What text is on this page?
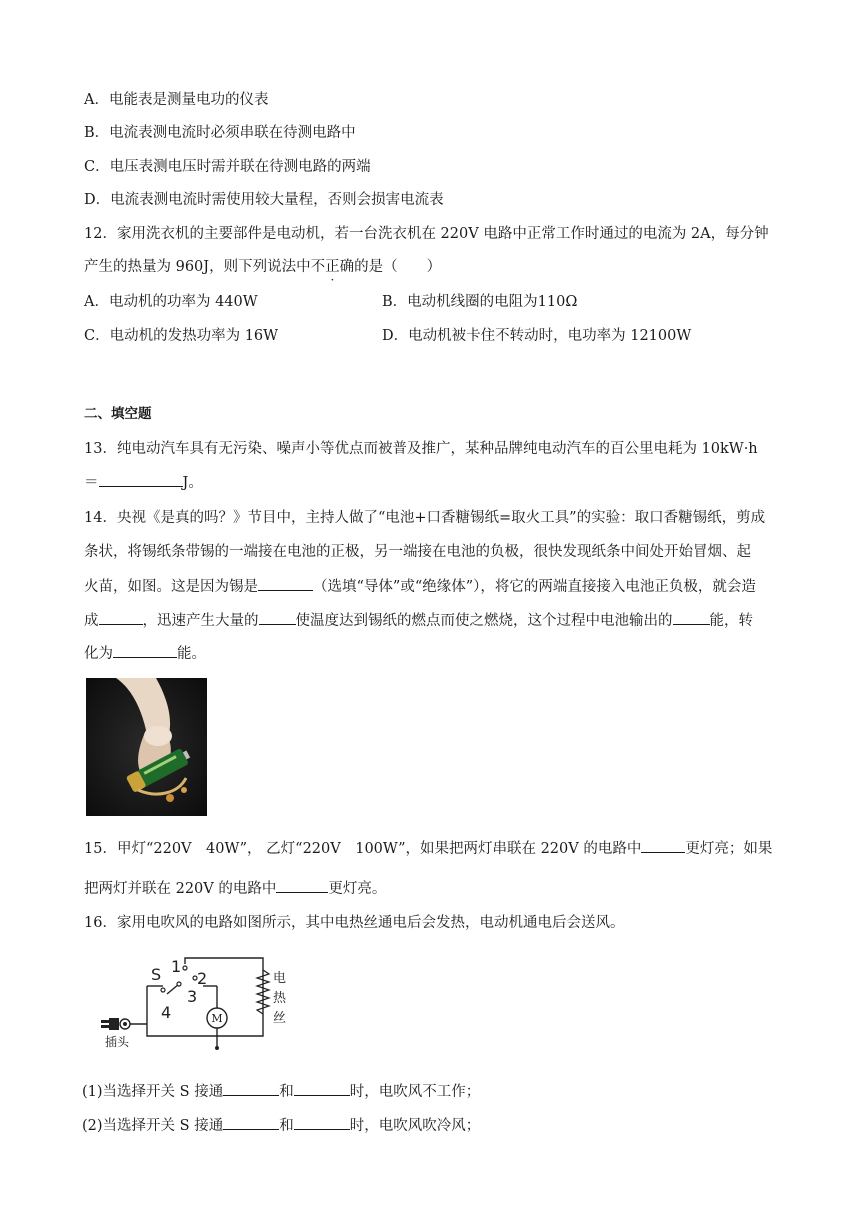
A．电能表是测量电功的仪表
B．电流表测电流时必须串联在待测电路中
C．电压表测电压时需并联在待测电路的两端
D．电流表测电流时需使用较大量程，否则会损害电流表
12．家用洗衣机的主要部件是电动机，若一台洗衣机在 220V 电路中正常工作时通过的电流为 2A，每分钟
产生的热量为 960J，则下列说法中不正确的是（　　）
A．电动机的功率为 440W	B．电动机线圈的电阻为110Ω
C．电动机的发热功率为 16W	D．电动机被卡住不转动时，电功率为 12100W
二、填空题
13．纯电动汽车具有无污染、噪声小等优点而被普及推广，某种品牌纯电动汽车的百公里电耗为 10kW·h
＝	J。
14．央视《是真的吗？》节目中，主持人做了“电池+口香糖锡纸=取火工具”的实验：取口香糖锡纸，剪成
条状，将锡纸条带锡的一端接在电池的正极，另一端接在电池的负极，很快发现纸条中间处开始冒烟、起
火苗，如图。这是因为锡是	（选填“导体”或“绝缘体”），将它的两端直接接入电池正负极，就会造
成	，迅速产生大量的	使温度达到锡纸的燃点而使之燃烧，这个过程中电池输出的	能，转
化为	能。
15．甲灯“220V　40W”， 乙灯“220V　100W”，如果把两灯串联在 220V 的电路中	更灯亮；如果
把两灯并联在 220V 的电路中	更灯亮。
16．家用电吹风的电路如图所示，其中电热丝通电后会发热，电动机通电后会送风。
M
S 1
2
3
4
电
热
丝
插头
(1)当选择开关 S 接通	和	时，电吹风不工作；
(2)当选择开关 S 接通	和	时，电吹风吹冷风；
